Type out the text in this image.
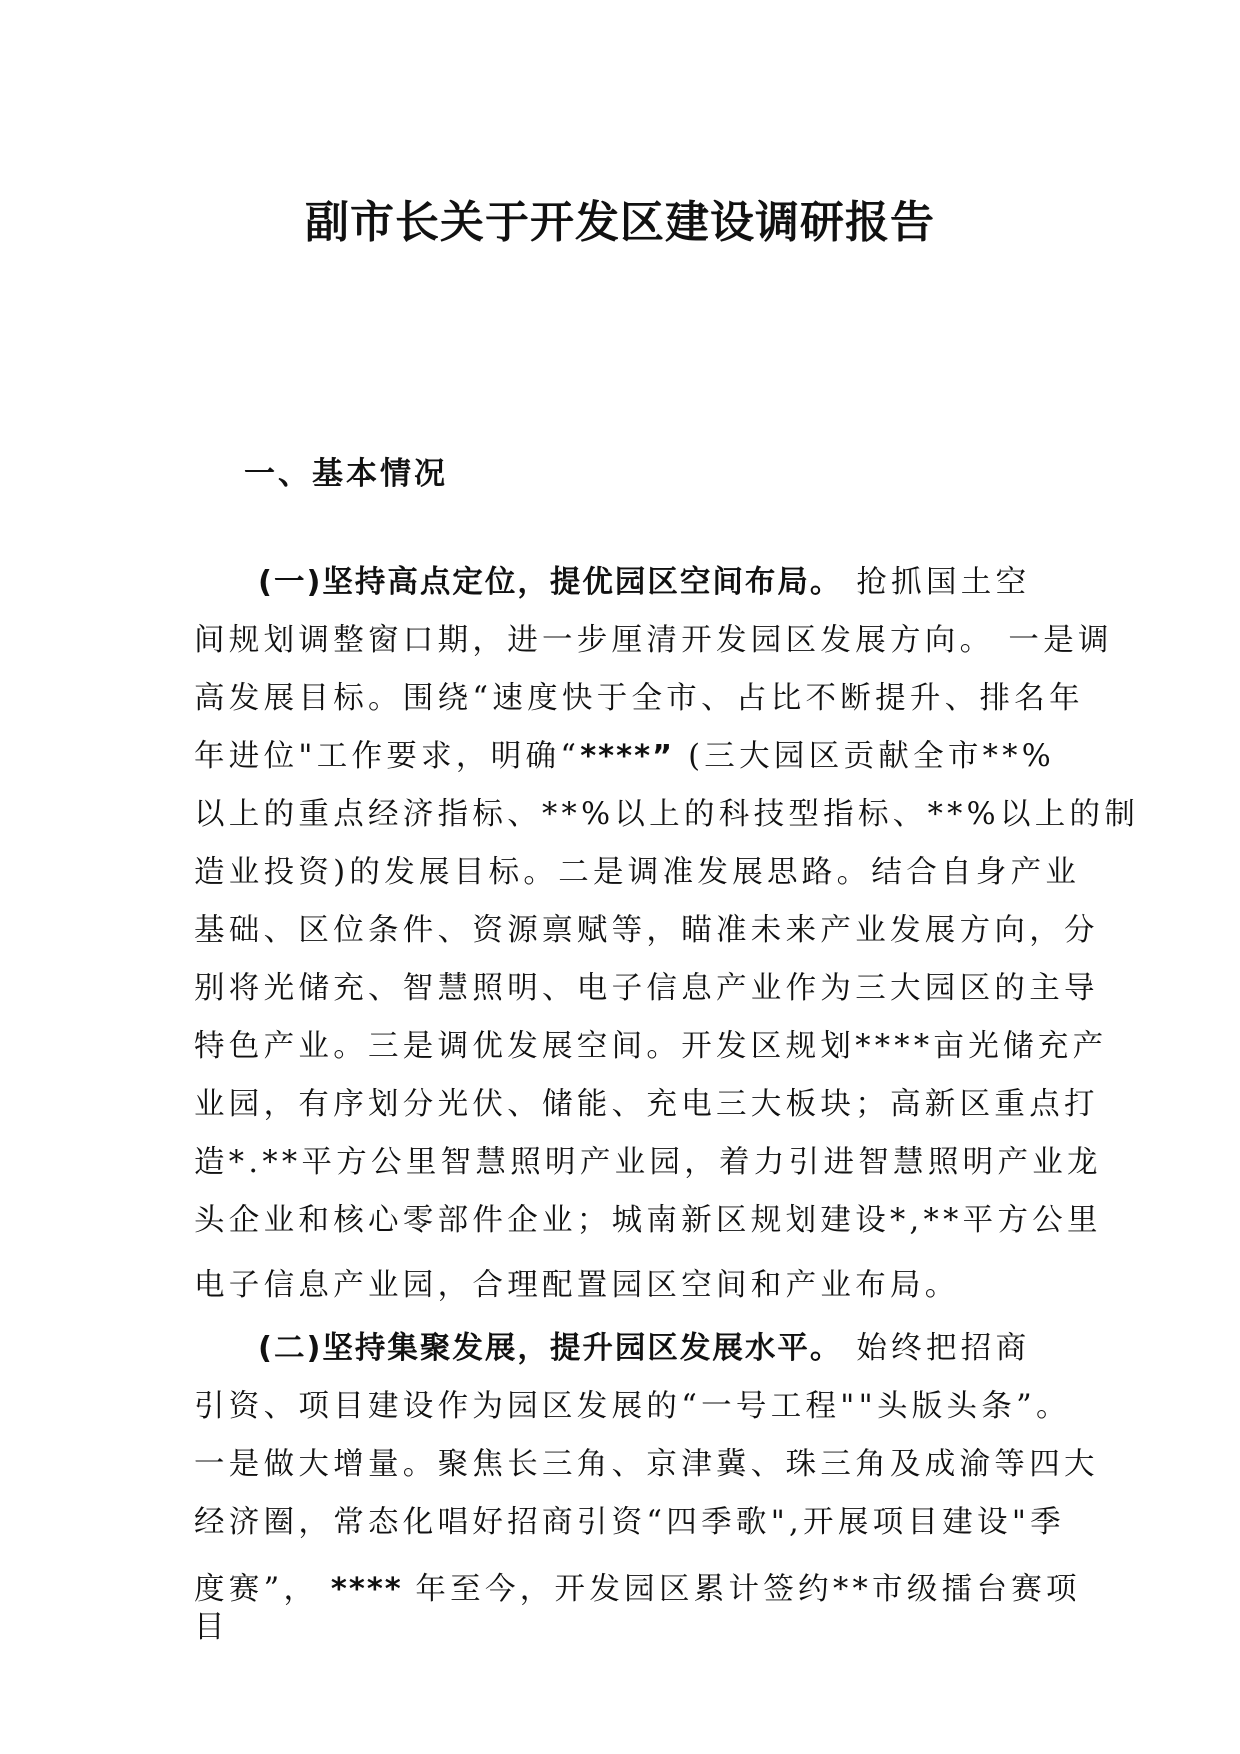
副市长关于开发区建设调研报告
一、基本情况
(一)坚持高点定位，提优园区空间布局。 抢抓国土空
间规划调整窗口期，进一步厘清开发园区发展方向。 一是调
高发展目标。围绕“速度快于全市、占比不断提升、排名年
年进位"工作要求，明确“****” (三大园区贡献全市**%
以上的重点经济指标、**%以上的科技型指标、**%以上的制
造业投资)的发展目标。二是调准发展思路。结合自身产业
基础、区位条件、资源禀赋等，瞄准未来产业发展方向，分
别将光储充、智慧照明、电子信息产业作为三大园区的主导
特色产业。三是调优发展空间。开发区规划****亩光储充产
业园，有序划分光伏、储能、充电三大板块；高新区重点打
造*.**平方公里智慧照明产业园，着力引进智慧照明产业龙
头企业和核心零部件企业；城南新区规划建设*,**平方公里
电子信息产业园，合理配置园区空间和产业布局。
(二)坚持集聚发展，提升园区发展水平。 始终把招商
引资、项目建设作为园区发展的“一号工程""头版头条”。
一是做大增量。聚焦长三角、京津冀、珠三角及成渝等四大
经济圈，常态化唱好招商引资“四季歌",开展项目建设"季
度赛”， **** 年至今，开发园区累计签约**市级擂台赛项
目
